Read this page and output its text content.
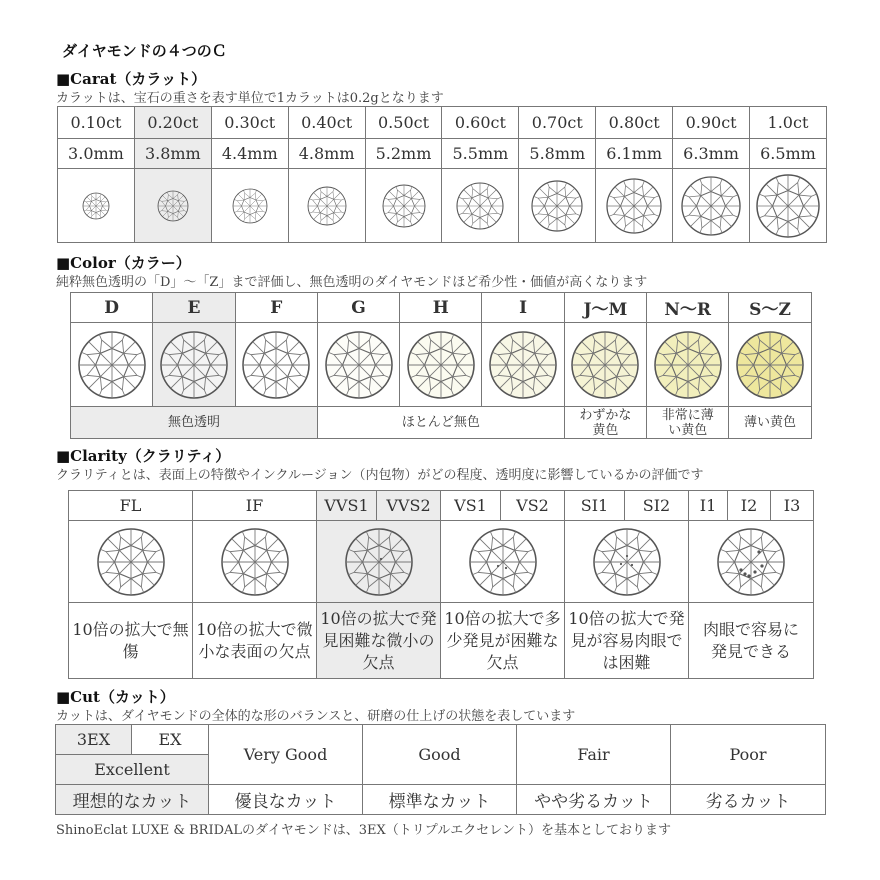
ダイヤモンドの４つのＣ
■Carat（カラット）
カラットは、宝石の重さを表す単位で1カラットは0.2gとなります
0.10ct	0.20ct	0.30ct	0.40ct	0.50ct	0.60ct	0.70ct	0.80ct	0.90ct	1.0ct
3.0mm	3.8mm	4.4mm	4.8mm	5.2mm	5.5mm	5.8mm	6.1mm	6.3mm	6.5mm

■Color（カラー）
純粋無色透明の「D」～「Z」まで評価し、無色透明のダイヤモンドほど希少性・価値が高くなります
D	E	F	G	H	I	J～M	N～R	S～Z

無色透明			ほとんど無色			わずかな黄色	非常に薄い黄色	薄い黄色
■Clarity（クラリティ）
クラリティとは、表面上の特徴やインクルージョン（内包物）がどの程度、透明度に影響しているかの評価です
FL	IF	VVS1	VVS2	VS1	VS2	SI1	SI2	I1	I2	I3

10倍の拡大で無傷	10倍の拡大で微小な表面の欠点	10倍の拡大で発見困難な微小の欠点		10倍の拡大で多少発見が困難な欠点		10倍の拡大で発見が容易肉眼では困難		肉眼で容易に発見できる		
■Cut（カット）
カットは、ダイヤモンドの全体的な形のバランスと、研磨の仕上げの状態を表しています
3EX	EX	Very Good	Good	Fair	Poor
Excellent					
理想的なカット		優良なカット	標準なカット	やや劣るカット	劣るカット
ShinoEclat LUXE & BRIDALのダイヤモンドは、3EX（トリプルエクセレント）を基本としております
